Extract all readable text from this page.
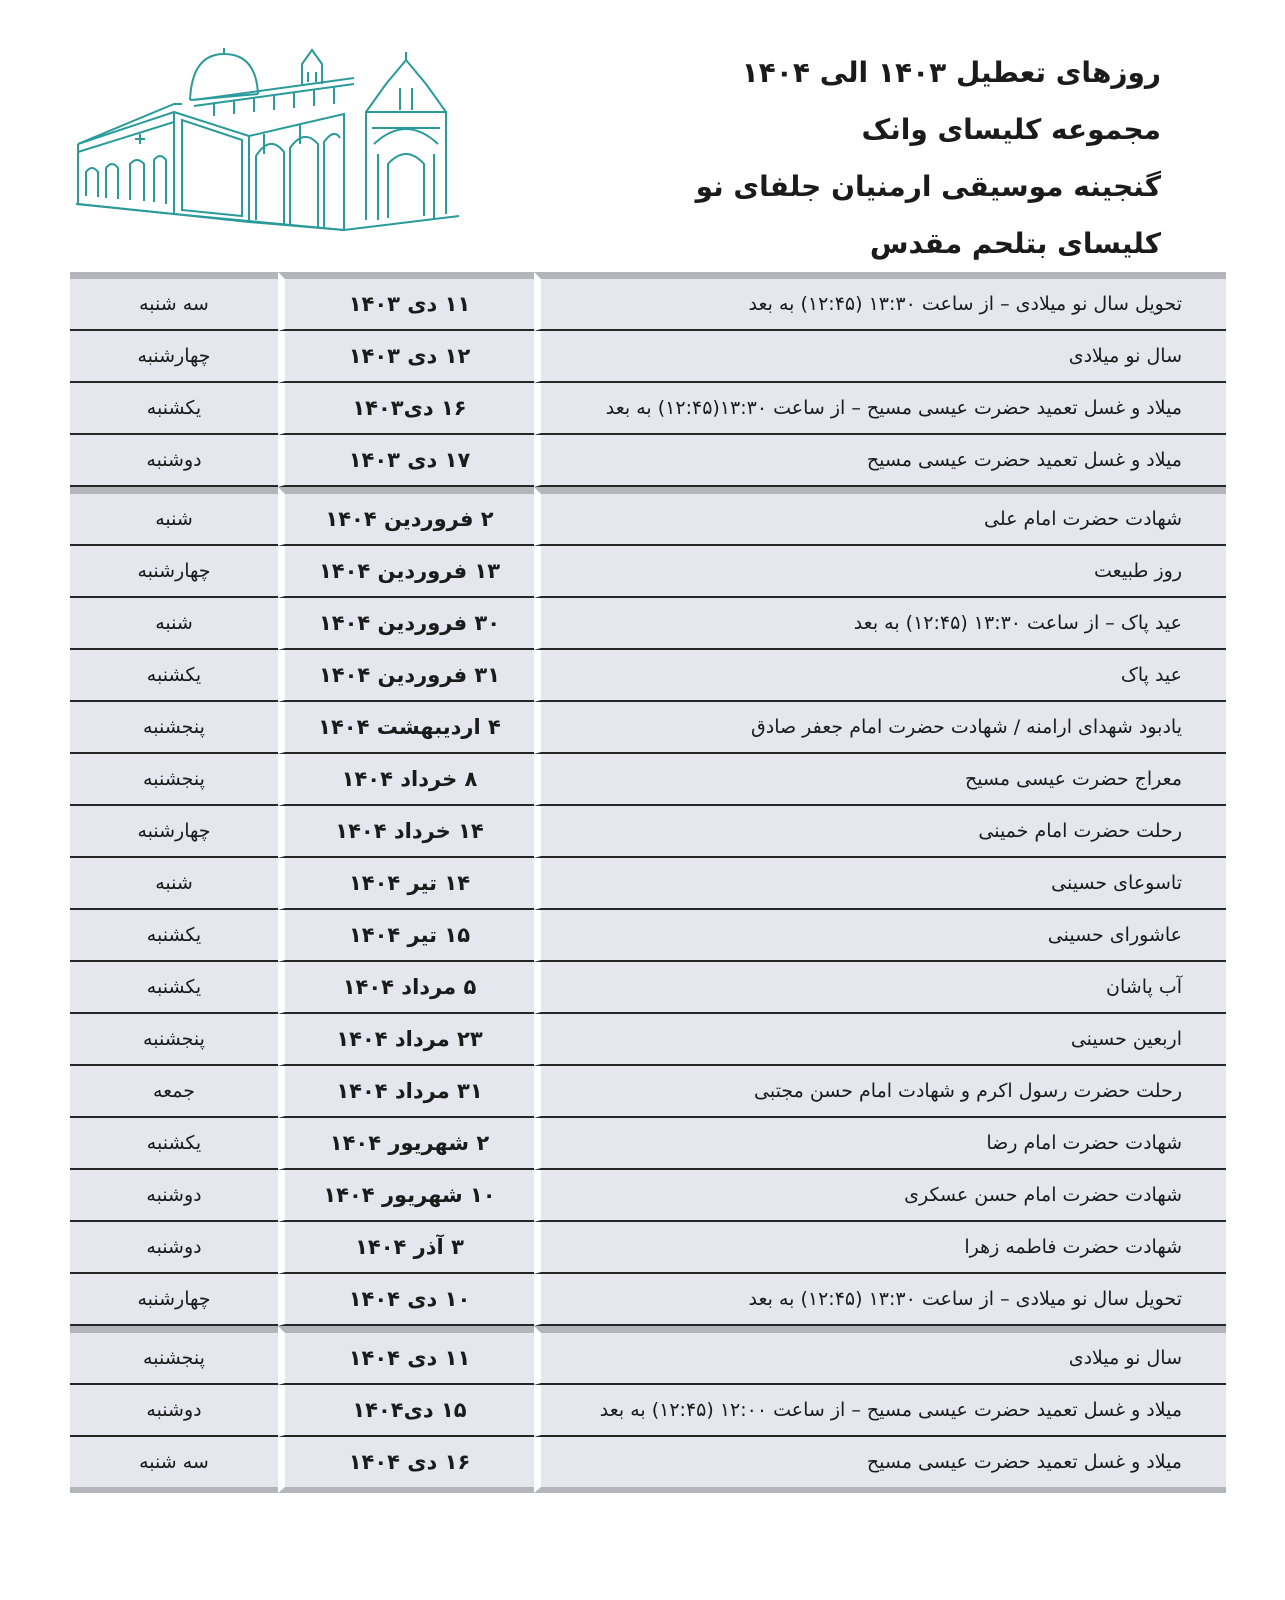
روزهای تعطیل ۱۴۰۳ الی ۱۴۰۴
مجموعه کلیسای وانک
گنجینه موسیقی ارمنیان جلفای نو
کلیسای بتلحم مقدس
تحویل سال نو میلادی – از ساعت ۱۳:۳۰ (۱۲:۴۵) به بعد	۱۱ دی ۱۴۰۳	سه شنبه
سال نو میلادی	۱۲ دی ۱۴۰۳	چهارشنبه
میلاد و غسل تعمید حضرت عیسی مسیح – از ساعت ۱۳:۳۰(۱۲:۴۵) به بعد	۱۶ دی۱۴۰۳	یکشنبه
میلاد و غسل تعمید حضرت عیسی مسیح	۱۷ دی ۱۴۰۳	دوشنبه
شهادت حضرت امام علی	۲ فروردین ۱۴۰۴	شنبه
روز طبیعت	۱۳ فروردین ۱۴۰۴	چهارشنبه
عید پاک – از ساعت ۱۳:۳۰ (۱۲:۴۵) به بعد	۳۰ فروردین ۱۴۰۴	شنبه
عید پاک	۳۱ فروردین ۱۴۰۴	یکشنبه
یادبود شهدای ارامنه / شهادت حضرت امام جعفر صادق	۴ اردیبهشت ۱۴۰۴	پنجشنبه
معراج حضرت عیسی مسیح	۸ خرداد ۱۴۰۴	پنجشنبه
رحلت حضرت امام خمینی	۱۴ خرداد ۱۴۰۴	چهارشنبه
تاسوعای حسینی	۱۴ تیر ۱۴۰۴	شنبه
عاشورای حسینی	۱۵ تیر ۱۴۰۴	یکشنبه
آب پاشان	۵ مرداد ۱۴۰۴	یکشنبه
اربعین حسینی	۲۳ مرداد ۱۴۰۴	پنجشنبه
رحلت حضرت رسول اکرم و شهادت امام حسن مجتبی	۳۱ مرداد ۱۴۰۴	جمعه
شهادت حضرت امام رضا	۲ شهریور ۱۴۰۴	یکشنبه
شهادت حضرت امام حسن عسکری	۱۰ شهریور ۱۴۰۴	دوشنبه
شهادت حضرت فاطمه زهرا	۳ آذر ۱۴۰۴	دوشنبه
تحویل سال نو میلادی – از ساعت ۱۳:۳۰ (۱۲:۴۵) به بعد	۱۰ دی ۱۴۰۴	چهارشنبه
سال نو میلادی	۱۱ دی ۱۴۰۴	پنجشنبه
میلاد و غسل تعمید حضرت عیسی مسیح – از ساعت ۱۲:۰۰ (۱۲:۴۵) به بعد	۱۵ دی۱۴۰۴	دوشنبه
میلاد و غسل تعمید حضرت عیسی مسیح	۱۶ دی ۱۴۰۴	سه شنبه
